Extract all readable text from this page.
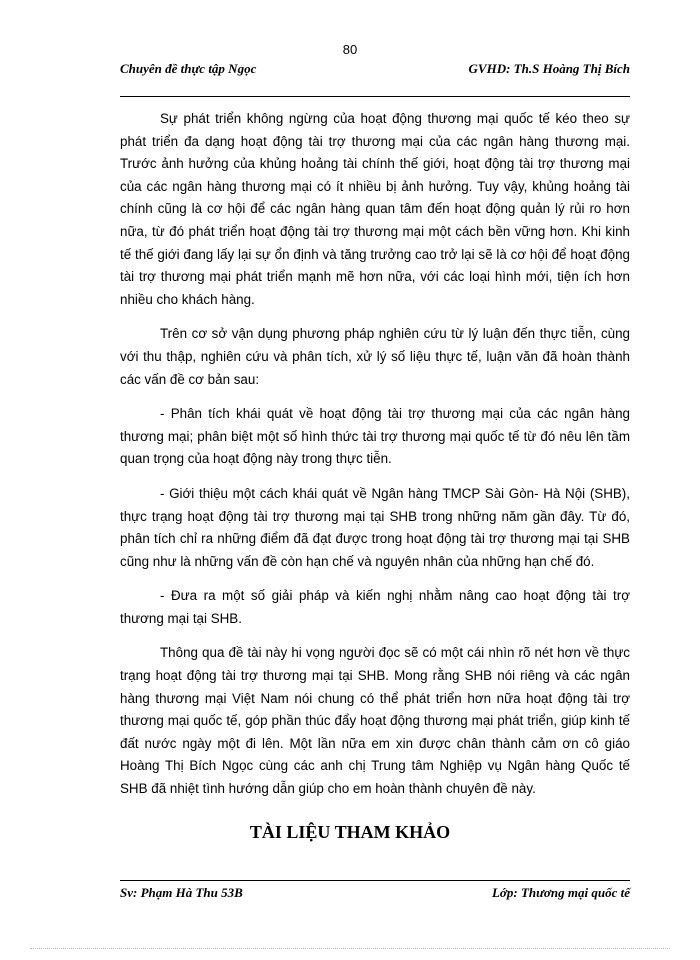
80
Chuyên đề thực tập Ngọc	GVHD: Th.S Hoàng Thị Bích

Sự phát triển không ngừng của hoạt động thương mại quốc tế kéo theo sự phát triển đa dạng hoạt động tài trợ thương mại của các ngân hàng thương mại. Trước ảnh hưởng của khủng hoảng tài chính thế giới, hoạt động tài trợ thương mại của các ngân hàng thương mại có ít nhiều bị ảnh hưởng. Tuy vậy, khủng hoảng tài chính cũng là cơ hội để các ngân hàng quan tâm đến hoạt động quản lý rủi ro hơn nữa, từ đó phát triển hoạt động tài trợ thương mại một cách bền vững hơn. Khi kinh tế thế giới đang lấy lại sự ổn định và tăng trưởng cao trở lại sẽ là cơ hội để hoạt động tài trợ thương mại phát triển mạnh mẽ hơn nữa, với các loại hình mới, tiện ích hơn nhiều cho khách hàng.

Trên cơ sở vận dụng phương pháp nghiên cứu từ lý luận đến thực tiễn, cùng với thu thập, nghiên cứu và phân tích, xử lý số liệu thực tế, luận văn đã hoàn thành các vấn đề cơ bản sau:

- Phân tích khái quát về hoạt động tài trợ thương mại của các ngân hàng thương mại; phân biệt một số hình thức tài trợ thương mại quốc tế từ đó nêu lên tầm quan trọng của hoạt động này trong thực tiễn.

- Giới thiệu một cách khái quát về Ngân hàng TMCP Sài Gòn- Hà Nội (SHB), thực trạng hoạt động tài trợ thương mại tại SHB trong những năm gần đây. Từ đó, phân tích chỉ ra những điểm đã đạt được trong hoạt động tài trợ thương mại tại SHB cũng như là những vấn đề còn hạn chế và nguyên nhân của những hạn chế đó.

- Đưa ra một số giải pháp và kiến nghị nhằm nâng cao hoạt động tài trợ thương mại tại SHB.

Thông qua đề tài này hi vọng người đọc sẽ có một cái nhìn rõ nét hơn về thực trạng hoạt động tài trợ thương mại tại SHB. Mong rằng SHB nói riêng và các ngân hàng thương mại Việt Nam nói chung có thể phát triển hơn nữa hoạt động tài trợ thương mại quốc tế, góp phần thúc đẩy hoạt động thương mại phát triển, giúp kinh tế đất nước ngày một đi lên. Một lần nữa em xin được chân thành cảm ơn cô giáo Hoàng Thị Bích Ngọc cùng các anh chị Trung tâm Nghiệp vụ Ngân hàng Quốc tế SHB đã nhiệt tình hướng dẫn giúp cho em hoàn thành chuyên đề này.

TÀI LIỆU THAM KHẢO
Sv: Phạm Hà Thu 53B	Lớp: Thương mại quốc tế
